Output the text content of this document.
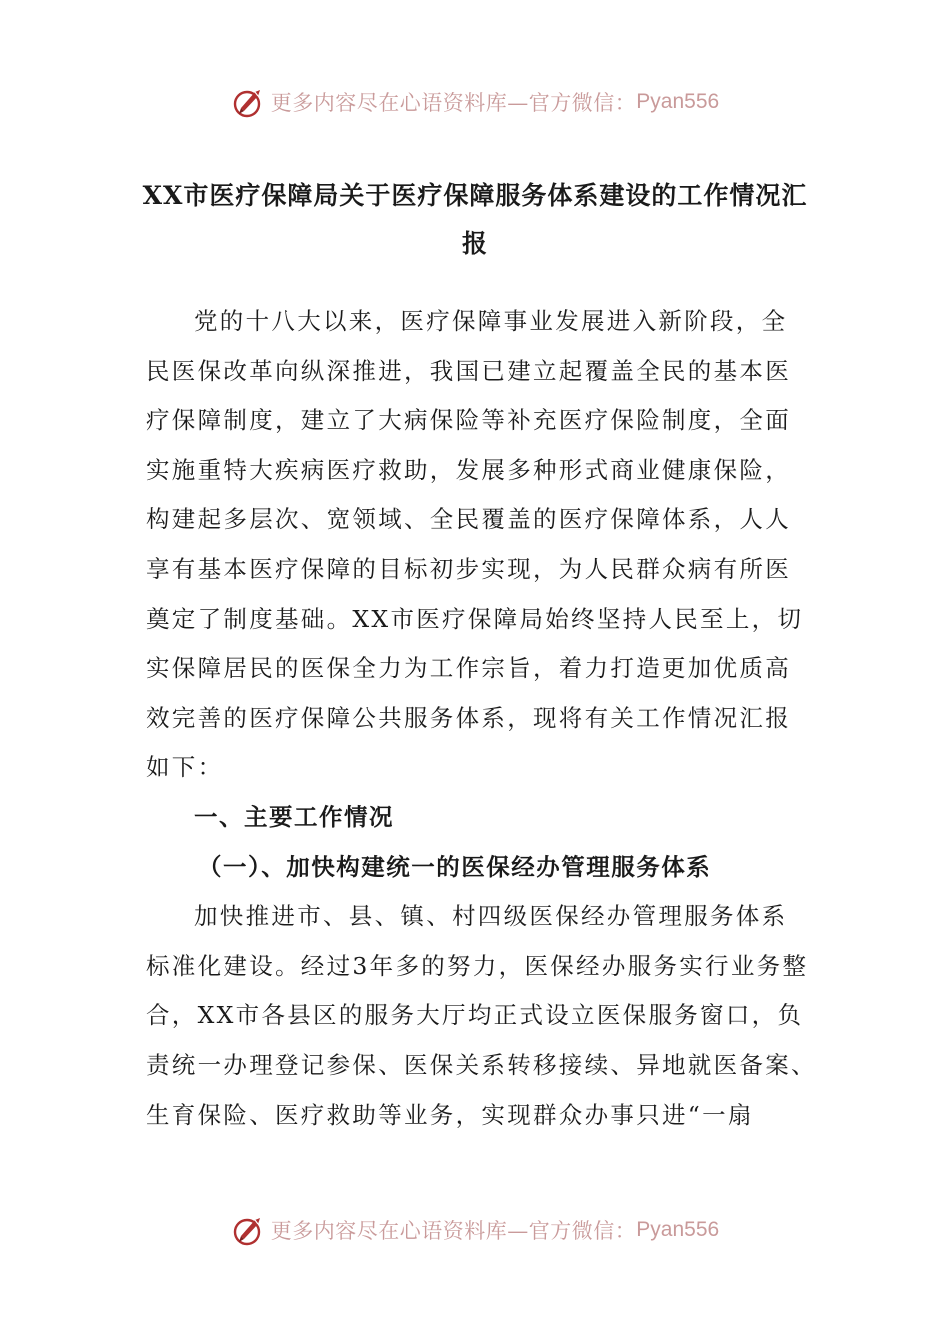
更多内容尽在心语资料库—官方微信： Pyan556
XX市医疗保障局关于医疗保障服务体系建设的工作情况汇
报
党的十八大以来，医疗保障事业发展进入新阶段，全
民医保改革向纵深推进，我国已建立起覆盖全民的基本医
疗保障制度，建立了大病保险等补充医疗保险制度，全面
实施重特大疾病医疗救助，发展多种形式商业健康保险，
构建起多层次、宽领域、全民覆盖的医疗保障体系，人人
享有基本医疗保障的目标初步实现，为人民群众病有所医
奠定了制度基础。XX市医疗保障局始终坚持人民至上，切
实保障居民的医保全力为工作宗旨，着力打造更加优质高
效完善的医疗保障公共服务体系，现将有关工作情况汇报
如下：
一、主要工作情况
（一）、加快构建统一的医保经办管理服务体系
加快推进市、县、镇、村四级医保经办管理服务体系
标准化建设。经过3年多的努力，医保经办服务实行业务整
合，XX市各县区的服务大厅均正式设立医保服务窗口，负
责统一办理登记参保、医保关系转移接续、异地就医备案、
生育保险、医疗救助等业务，实现群众办事只进“一扇
更多内容尽在心语资料库—官方微信： Pyan556
